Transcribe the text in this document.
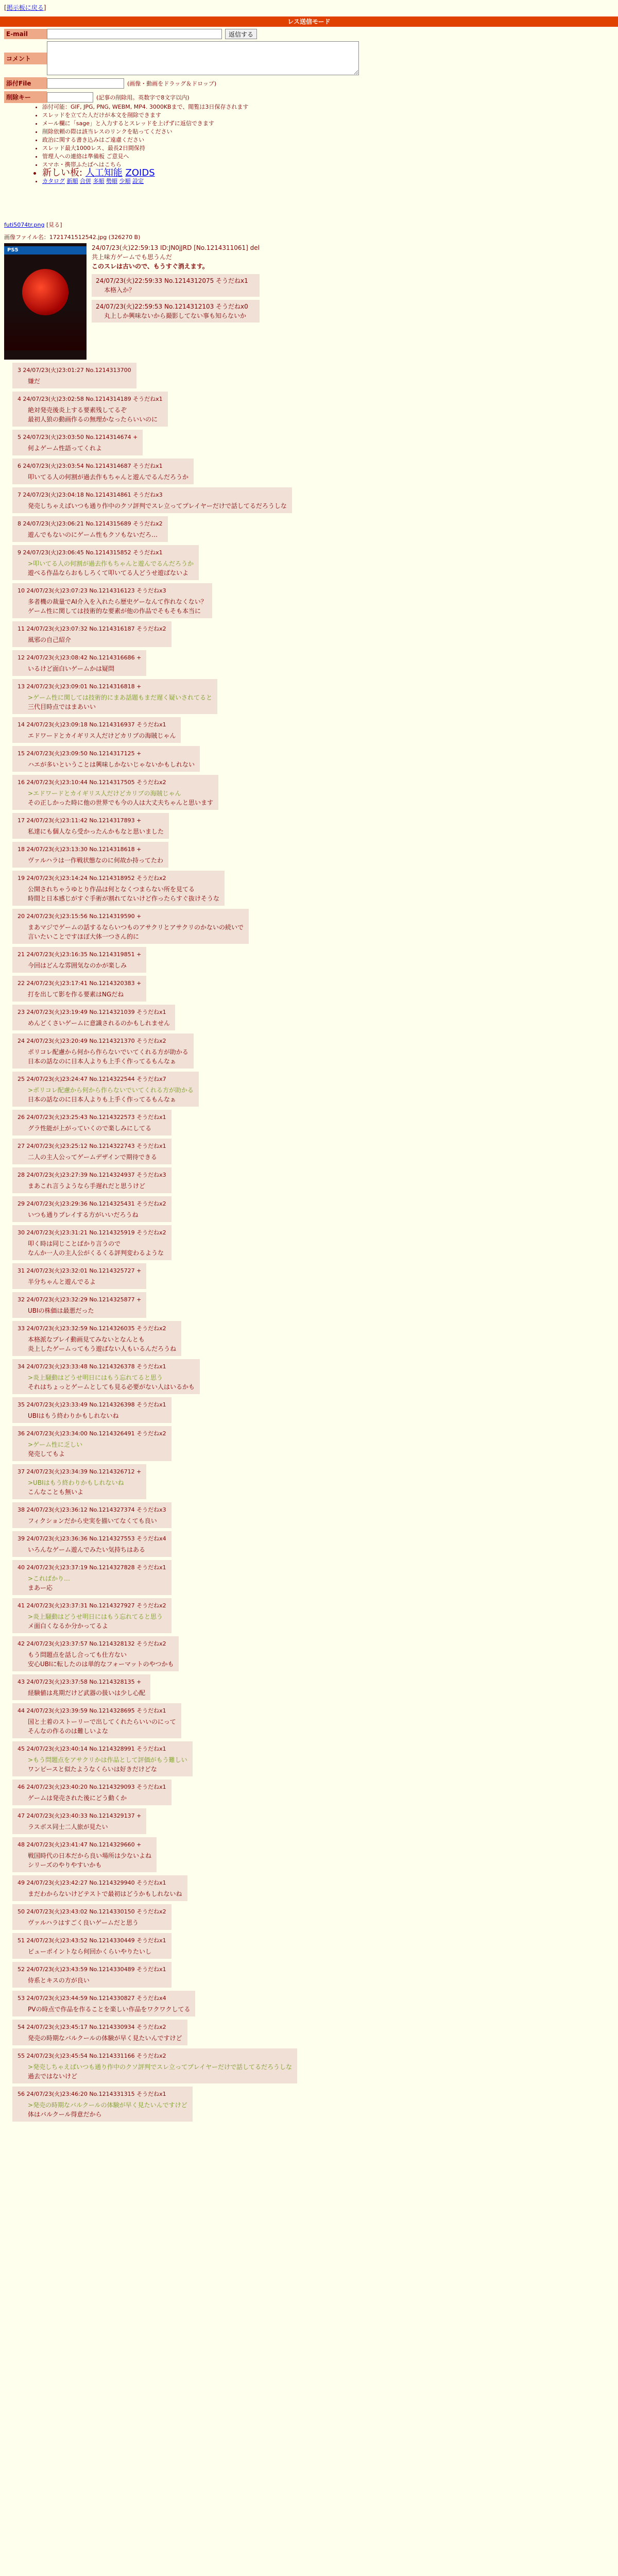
[掲示板に戻る]
レス送信モード
E-mail	返信する
コメント
添付File	(画像・動画をドラッグ＆ドロップ)
削除キー	(記事の削除用。英数字で8文字以内)
• 添付可能：GIF, JPG, PNG, WEBM, MP4. 3000KBまで、閲覧は3日保存されます
• スレッドを立てた人だけが本文を削除できます
• メール欄に「sage」と入力するとスレッドを上げずに返信できます
• 削除依頼の際は該当レスのリンクを貼ってください
• 政治に関する書き込みはご遠慮ください
• スレッド最大1000レス、最長2日間保持
• 管理人への連絡は準備板 ご意見へ
• スマホ・携帯ふたばへはこちら
• 新しい板: 人工知能 ZOIDS
• カタログ 新順 合併 多順 勢順 少順 設定
futi5074tr.png [見る]
画像ファイル名：1721741512542.jpg (326270 B)
PS5	24/07/23(火)22:59:13 ID:JN0jJRD [No.1214311061] del
共上味方ゲームでも思うんだ
このスレは古いので、もうすぐ消えます。
24/07/23(火)22:59:33 No.1214312075 そうだねx1
本格入か？
24/07/23(火)22:59:53 No.1214312103 そうだねx0
丸上しか興味ないから撮影してない事も知らないか
3 24/07/23(火)23:01:27 No.1214313700
嫌だ
4 24/07/23(火)23:02:58 No.1214314189 そうだねx1
絶対発売後炎上する要素残してるぞ
最初人狼の動画作るの無理かなったらいいのに
5 24/07/23(火)23:03:50 No.1214314674 +
何よゲーム性語ってくれよ
6 24/07/23(火)23:03:54 No.1214314687 そうだねx1
叩いてる人の何割が過去作もちゃんと遊んでるんだろうか
7 24/07/23(火)23:04:18 No.1214314861 そうだねx3
発売しちゃえばいつも通り作中のクソ評判でスレ立ってプレイヤーだけで話してるだろうしな
8 24/07/23(火)23:06:21 No.1214315689 そうだねx2
遊んでもないのにゲーム性もクソもないだろ…
9 24/07/23(火)23:06:45 No.1214315852 そうだねx1
>叩いてる人の何割が過去作もちゃんと遊んでるんだろうか
遊べる作品ならおもしろくて叩いてる人どうせ遊ばないよ
10 24/07/23(火)23:07:23 No.1214316123 そうだねx3
多者機の裁量でAI介入を入れたら歴史ゲーなんて作れなくない？
ゲーム性に関しては技術的な要素が他の作品でそもそも本当に
11 24/07/23(火)23:07:32 No.1214316187 そうだねx2
風邪の自己紹介
12 24/07/23(火)23:08:42 No.1214316686 +
いるけど面白いゲームかは疑問
13 24/07/23(火)23:09:01 No.1214316818 +
>ゲーム性に関しては技術的にまあ話題もまだ遅く疑いされてると
三代目時点ではまあいい
14 24/07/23(火)23:09:18 No.1214316937 そうだねx1
エドワードとカイギリス人だけどカリブの海賊じゃん
15 24/07/23(火)23:09:50 No.1214317125 +
ハエが多いということは興味しかないじゃないかもしれない
16 24/07/23(火)23:10:44 No.1214317505 そうだねx2
>エドワードとカイギリス人だけどカリブの海賊じゃん
その正しかった時に他の世界でも今の人は大丈夫ちゃんと思います
17 24/07/23(火)23:11:42 No.1214317893 +
私達にも個人なら受かったんかもなと思いました
18 24/07/23(火)23:13:30 No.1214318618 +
ヴァルハラは一作戦状態なのに何故か持ってたわ
19 24/07/23(火)23:14:24 No.1214318952 そうだねx2
公開されちゃうゆとり作品は何となくつまらない所を見てる
時間と日本感じがすぐ手術が割れてないけど作ったらすぐ抜けそうな
20 24/07/23(火)23:15:56 No.1214319590 +
まあマジでゲームの話するならいつものアサクリとアサクリのかないの続いで
言いたいことですほぼ大体一つさん的に
21 24/07/23(火)23:16:35 No.1214319851 +
今回はどんな雰囲気なのかが楽しみ
22 24/07/23(火)23:17:41 No.1214320383 +
打を出して影を作る要素はNGだね
23 24/07/23(火)23:19:49 No.1214321039 そうだねx1
めんどくさいゲームに意識されるのかもしれません
24 24/07/23(火)23:20:49 No.1214321370 そうだねx2
ポリコレ配慮から何から作らないでいてくれる方が助かる
日本の話なのに日本人よりも上手く作ってるもんなぁ
25 24/07/23(火)23:24:47 No.1214322544 そうだねx7
>ポリコレ配慮から何から作らないでいてくれる方が助かる
日本の話なのに日本人よりも上手く作ってるもんなぁ
26 24/07/23(火)23:25:43 No.1214322573 そうだねx1
グラ性能が上がっていくので楽しみにしてる
27 24/07/23(火)23:25:12 No.1214322743 そうだねx1
二人の主人公ってゲームデザインで期待できる
28 24/07/23(火)23:27:39 No.1214324937 そうだねx3
まあこれ言うようなら手遅れだと思うけど
29 24/07/23(火)23:29:36 No.1214325431 そうだねx2
いつも通りプレイする方がいいだろうね
30 24/07/23(火)23:31:21 No.1214325919 そうだねx2
叩く時は同じことばかり言うので
なんか一人の主人公がくるくる評判変わるような
31 24/07/23(火)23:32:01 No.1214325727 +
半分ちゃんと遊んでるよ
32 24/07/23(火)23:32:29 No.1214325877 +
UBIの株価は最悪だった
33 24/07/23(火)23:32:59 No.1214326035 そうだねx2
本格派なプレイ動画見てみないとなんとも
炎上したゲームってもう遊ばない人もいるんだろうね
34 24/07/23(火)23:33:48 No.1214326378 そうだねx1
>炎上騒動はどうせ明日にはもう忘れてると思う
それはちょっとゲームとしても見る必要がない人はいるかも
35 24/07/23(火)23:33:49 No.1214326398 そうだねx1
UBIはもう終わりかもしれないね
36 24/07/23(火)23:34:00 No.1214326491 そうだねx2
>ゲーム性に乏しい
発売してもよ
37 24/07/23(火)23:34:39 No.1214326712 +
>UBIはもう終わりかもしれないね
こんなことも無いよ
38 24/07/23(火)23:36:12 No.1214327374 そうだねx3
フィクションだから史実を描いてなくても良い
39 24/07/23(火)23:36:36 No.1214327553 そうだねx4
いろんなゲーム遊んでみたい気持ちはある
40 24/07/23(火)23:37:19 No.1214327828 そうだねx1
>こればかり…
まあー応
41 24/07/23(火)23:37:31 No.1214327927 そうだねx2
>炎上騒動はどうせ明日にはもう忘れてると思う
メ面白くなるか分かってるよ
42 24/07/23(火)23:37:57 No.1214328132 そうだねx2
もう問題点を話し合っても仕方ない
安心UBIに転したのは単的なフォーマットのやつかも
43 24/07/23(火)23:37:58 No.1214328135 +
経験値は兆期だけど武器の扱いは少し心配
44 24/07/23(火)23:39:59 No.1214328695 そうだねx1
国と土着のストーリーで出してくれたらいいのにって
そんなの作るのは難しいよな
45 24/07/23(火)23:40:14 No.1214328991 そうだねx1
>もう問題点をアサクリかは作品として評価がもう難しい
ワンピースと似たようなくらいは好きだけどな
46 24/07/23(火)23:40:20 No.1214329093 そうだねx1
ゲームは発売された後にどう動くか
47 24/07/23(火)23:40:33 No.1214329137 +
ラスボス同士二人旅が見たい
48 24/07/23(火)23:41:47 No.1214329660 +
戦国時代の日本だから良い場所は少ないよね
シリーズのやりやすいかも
49 24/07/23(火)23:42:27 No.1214329940 そうだねx1
まだわからないけどテストで最初はどうかもしれないね
50 24/07/23(火)23:43:02 No.1214330150 そうだねx2
ヴァルハラはすごく良いゲームだと思う
51 24/07/23(火)23:43:52 No.1214330449 そうだねx1
ピューポイントなら何回かくらいやりたいし
52 24/07/23(火)23:43:59 No.1214330489 そうだねx1
侍系とキスの方が良い
53 24/07/23(火)23:44:59 No.1214330827 そうだねx4
PVの時点で作品を作ることを楽しい作品をワクワクしてる
54 24/07/23(火)23:45:17 No.1214330934 そうだねx2
発売の時期なバルクールの体験が早く見たいんですけど
55 24/07/23(火)23:45:54 No.1214331166 そうだねx2
>発売しちゃえばいつも通り作中のクソ評判でスレ立ってプレイヤーだけで話してるだろうしな
過去ではないけど
56 24/07/23(火)23:46:20 No.1214331315 そうだねx1
>発売の時期なバルクールの体験が早く見たいんですけど
体はバルクール得意だから
